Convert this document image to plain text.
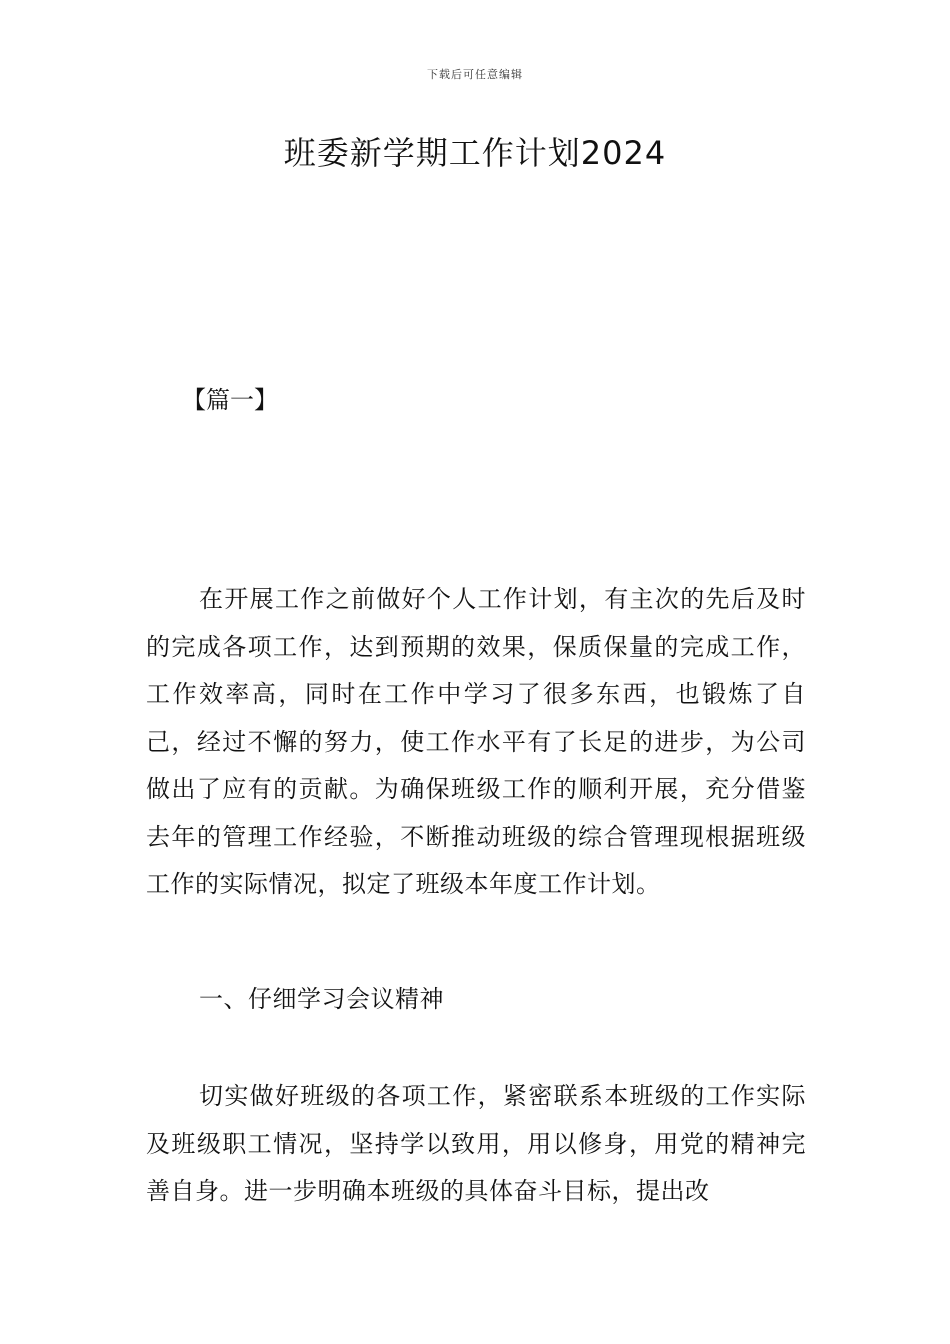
下载后可任意编辑
班委新学期工作计划2024
【篇一】

在开展工作之前做好个人工作计划，有主次的先后及时的完成各项工作，达到预期的效果，保质保量的完成工作，工作效率高，同时在工作中学习了很多东西，也锻炼了自己，经过不懈的努力，使工作水平有了长足的进步，为公司做出了应有的贡献。为确保班级工作的顺利开展，充分借鉴去年的管理工作经验，不断推动班级的综合管理现根据班级工作的实际情况，拟定了班级本年度工作计划。

一、仔细学习会议精神

切实做好班级的各项工作，紧密联系本班级的工作实际及班级职工情况，坚持学以致用，用以修身，用党的精神完善自身。进一步明确本班级的具体奋斗目标，提出改
